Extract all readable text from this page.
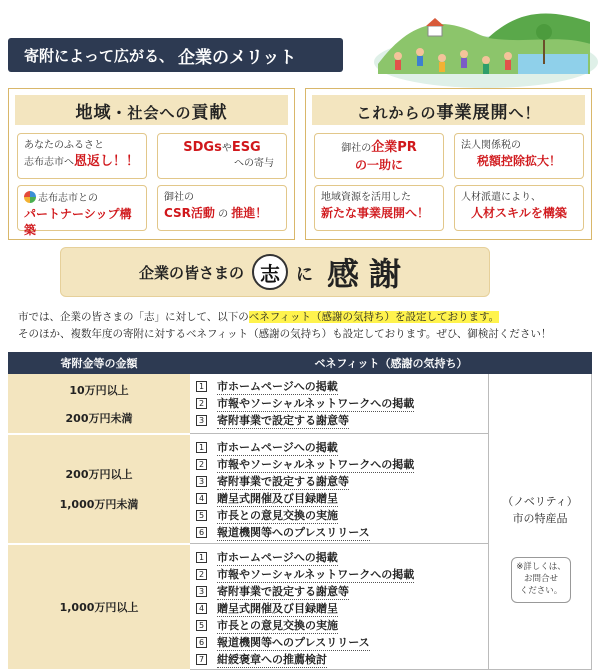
寄附によって広がる、 企業のメリット
地域・社会への貢献
あなたのふるさと
志布志市へ恩返し！！
SDGsやESG
への寄与
志布志市との
パートナーシップ構築
御社の
CSR活動 の 推進！
これからの事業展開へ！
御社の企業PR
の一助に
法人関係税の
税額控除拡大！
地域資源を活用した
新たな事業展開へ！
人材派遣により、
人材スキルを構築
企業の皆さまの 志 に 感謝
市では、企業の皆さまの「志」に対して、以下のベネフィット（感謝の気持ち）を設定しております。
そのほか、複数年度の寄附に対するベネフィット（感謝の気持ち）も設定しております。ぜひ、御検討ください！
寄附金等の金額	ベネフィット（感謝の気持ち）
10万円以上
200万円未満
1 市ホームページへの掲載
2 市報やソーシャルネットワークへの掲載
3 寄附事業で設定する謝意等
200万円以上
1,000万円未満
1 市ホームページへの掲載
2 市報やソーシャルネットワークへの掲載
3 寄附事業で設定する謝意等
4 贈呈式開催及び目録贈呈
5 市長との意見交換の実施
6 報道機関等へのプレスリリース
1,000万円以上
1 市ホームページへの掲載
2 市報やソーシャルネットワークへの掲載
3 寄附事業で設定する謝意等
4 贈呈式開催及び目録贈呈
5 市長との意見交換の実施
6 報道機関等へのプレスリリース
7 紺綬褒章への推薦検討
（ノベリティ）
市の特産品
※詳しくは、
お問合せ
ください。
